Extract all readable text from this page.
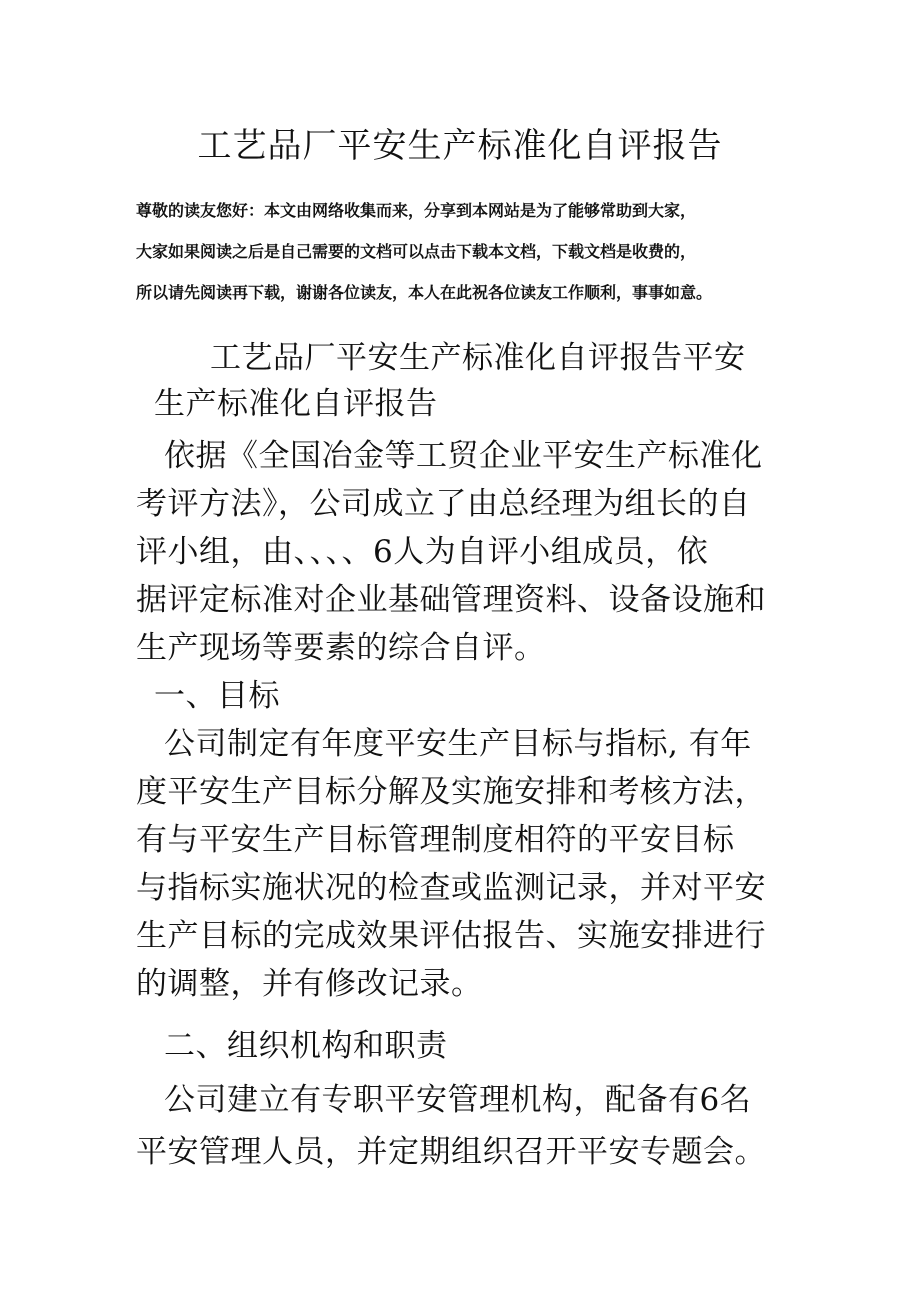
工艺品厂平安生产标准化自评报告
尊敬的读友您好：本文由网络收集而来，分享到本网站是为了能够常助到大家，
大家如果阅读之后是自己需要的文档可以点击下载本文档，下载文档是收费的，
所以请先阅读再下载，谢谢各位读友，本人在此祝各位读友工作顺利，事事如意。
工艺品厂平安生产标准化自评报告平安
生产标准化自评报告
依据《全国冶金等工贸企业平安生产标准化
考评方法》，公司成立了由总经理为组长的自
评小组，由、、、、6人为自评小组成员，依
据评定标准对企业基础管理资料、设备设施和
生产现场等要素的综合自评。
一、目标
公司制定有年度平安生产目标与指标, 有年
度平安生产目标分解及实施安排和考核方法，
有与平安生产目标管理制度相符的平安目标
与指标实施状况的检查或监测记录，并对平安
生产目标的完成效果评估报告、实施安排进行
的调整，并有修改记录。
二、组织机构和职责
公司建立有专职平安管理机构，配备有6名
平安管理人员，并定期组织召开平安专题会。
